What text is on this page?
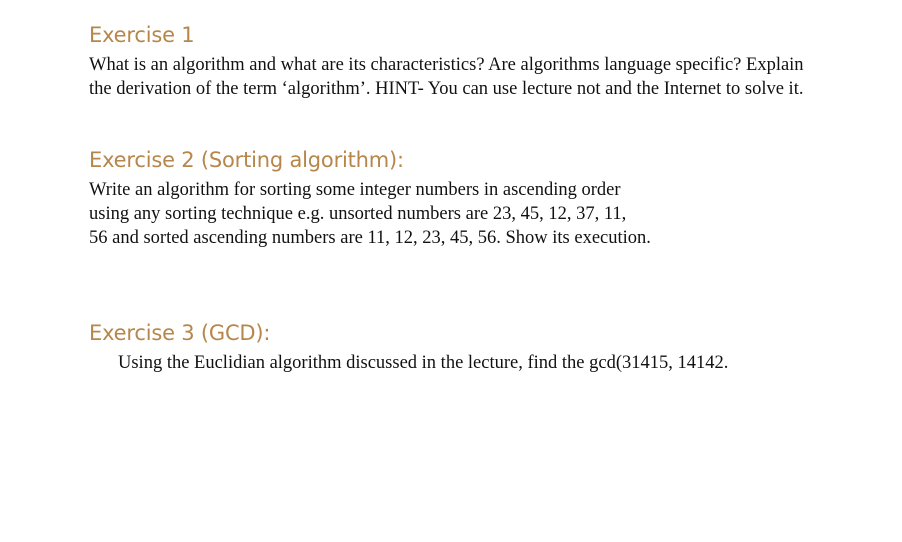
Exercise 1
What is an algorithm and what are its characteristics? Are algorithms language specific? Explain
the derivation of the term ‘algorithm’. HINT- You can use lecture not and the Internet to solve it.
Exercise 2 (Sorting algorithm):
Write an algorithm for sorting some integer numbers in ascending order
using any sorting technique e.g. unsorted numbers are 23, 45, 12, 37, 11,
56 and sorted ascending numbers are 11, 12, 23, 45, 56. Show its execution.
Exercise 3 (GCD):
Using the Euclidian algorithm discussed in the lecture, find the gcd(31415, 14142.
